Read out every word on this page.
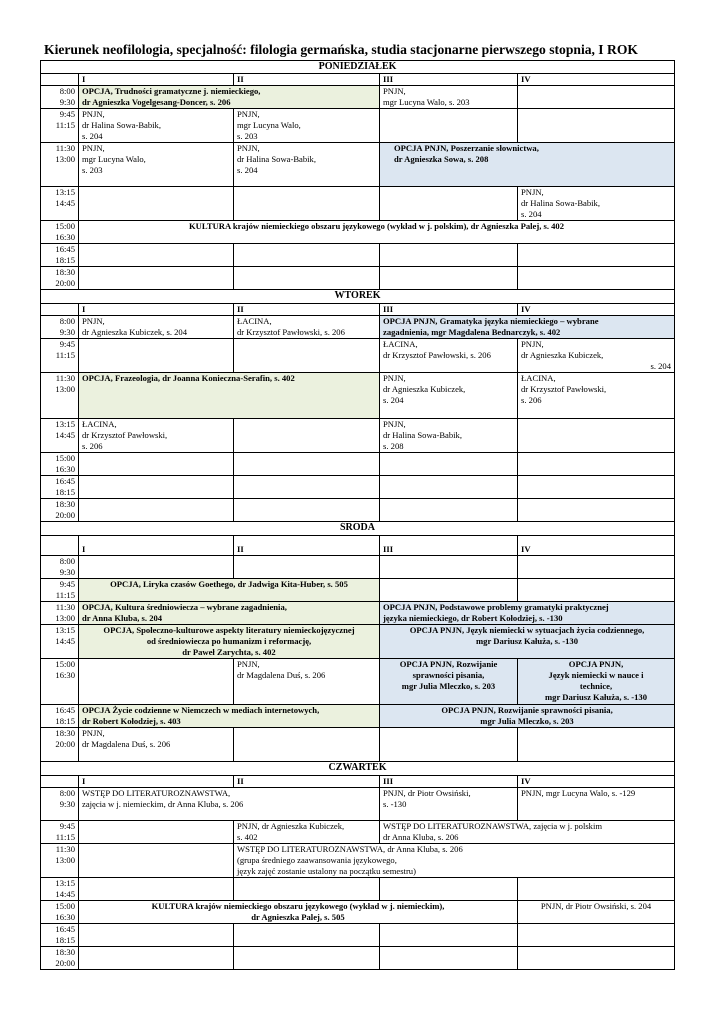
Kierunek neofilologia, specjalność: filologia germańska, studia stacjonarne pierwszego stopnia, I ROK
PONIEDZIAŁEK				
	I	II	III	IV

8:00
9:30	OPCJA, Trudności gramatyczne j. niemieckiego,
dr Agnieszka Vogelgesang-Doncer, s. 206		PNJN,
mgr Lucyna Walo, s. 203	

9:45
11:15	PNJN,
dr Halina Sowa-Babik,
s. 204	PNJN,
mgr Lucyna Walo,
s. 203		

11:30
13:00	PNJN,
mgr Lucyna Walo,
s. 203	PNJN,
dr Halina Sowa-Babik,
s. 204	OPCJA PNJN, Poszerzanie słownictwa,
dr Agnieszka Sowa, s. 208	

13:15
14:45				PNJN,
dr Halina Sowa-Babik,
s. 204

15:00
16:30	KULTURA krajów niemieckiego obszaru językowego (wykład w j. polskim), dr Agnieszka Palej, s. 402			

16:45
18:15				

18:30
20:00				

WTOREK				
	I	II	III	IV

8:00
9:30	PNJN,
dr Agnieszka Kubiczek, s. 204	ŁACINA,
dr Krzysztof Pawłowski, s. 206	OPCJA PNJN, Gramatyka języka niemieckiego – wybrane
zagadnienia, mgr Magdalena Bednarczyk, s. 402	

9:45
11:15			ŁACINA,
dr Krzysztof Pawłowski, s. 206	PNJN,
dr Agnieszka Kubiczek,
s. 204

11:30
13:00	OPCJA, Frazeologia, dr Joanna Konieczna-Serafin, s. 402		PNJN,
dr Agnieszka Kubiczek,
s. 204	ŁACINA,
dr Krzysztof Pawłowski,
s. 206

13:15
14:45	ŁACINA,
dr Krzysztof Pawłowski,
s. 206		PNJN,
dr Halina Sowa-Babik,
s. 208	

15:00
16:30				

16:45
18:15				

18:30
20:00				

ŚRODA				
	I	II	III	IV

8:00
9:30				

9:45
11:15	OPCJA, Liryka czasów Goethego, dr Jadwiga Kita-Huber, s. 505			

11:30
13:00	OPCJA, Kultura średniowiecza – wybrane zagadnienia,
dr Anna Kluba, s. 204		OPCJA PNJN, Podstawowe problemy gramatyki praktycznej
języka niemieckiego, dr Robert Kołodziej, s. -130	

13:15
14:45	OPCJA, Społeczno-kulturowe aspekty literatury niemieckojęzycznej
od średniowiecza po humanizm i reformację,
dr Paweł Zarychta, s. 402		OPCJA PNJN, Język niemiecki w sytuacjach życia codziennego,
mgr Dariusz Kałuża, s. -130	

15:00
16:30		PNJN,
dr Magdalena Duś, s. 206	OPCJA PNJN, Rozwijanie
sprawności pisania,
mgr Julia Mleczko, s. 203	OPCJA PNJN,
Język niemiecki w nauce i
technice,
mgr Dariusz Kałuża, s. -130

16:45
18:15	OPCJA Życie codzienne w Niemczech w mediach internetowych,
dr Robert Kołodziej, s. 403		OPCJA PNJN, Rozwijanie sprawności pisania,
mgr Julia Mleczko, s. 203	

18:30
20:00	PNJN,
dr Magdalena Duś, s. 206			

CZWARTEK				
	I	II	III	IV

8:00
9:30	WSTĘP DO LITERATUROZNAWSTWA,
zajęcia w j. niemieckim, dr Anna Kluba, s. 206		PNJN, dr Piotr Owsiński,
s. -130	PNJN, mgr Lucyna Walo, s. -129

9:45
11:15		PNJN, dr Agnieszka Kubiczek,
s. 402	WSTĘP DO LITERATUROZNAWSTWA, zajęcia w j. polskim
dr Anna Kluba, s. 206	

11:30
13:00		WSTĘP DO LITERATUROZNAWSTWA, dr Anna Kluba, s. 206
(grupa średniego zaawansowania językowego,
język zajęć zostanie ustalony na początku semestru)		

13:15
14:45				

15:00
16:30	KULTURA krajów niemieckiego obszaru językowego (wykład w j. niemieckim),
dr Agnieszka Palej, s. 505			PNJN, dr Piotr Owsiński, s. 204

16:45
18:15				

18:30
20:00				
